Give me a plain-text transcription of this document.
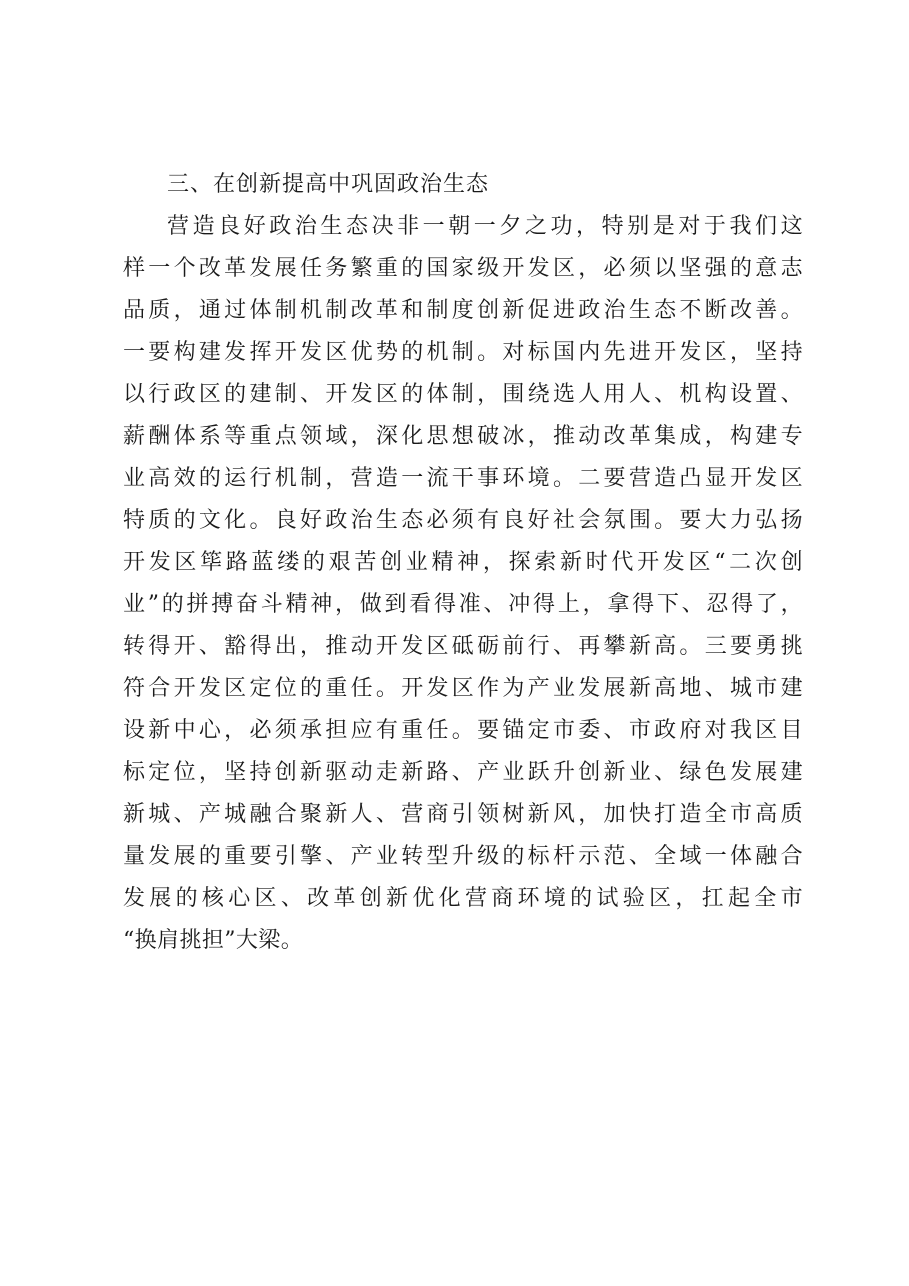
三、在创新提高中巩固政治生态
营造良好政治生态决非一朝一夕之功，特别是对于我们这
样一个改革发展任务繁重的国家级开发区，必须以坚强的意志
品质，通过体制机制改革和制度创新促进政治生态不断改善。
一要构建发挥开发区优势的机制。对标国内先进开发区，坚持
以行政区的建制、开发区的体制，围绕选人用人、机构设置、
薪酬体系等重点领域，深化思想破冰，推动改革集成，构建专
业高效的运行机制，营造一流干事环境。二要营造凸显开发区
特质的文化。良好政治生态必须有良好社会氛围。要大力弘扬
开发区筚路蓝缕的艰苦创业精神，探索新时代开发区“二次创
业”的拼搏奋斗精神，做到看得准、冲得上，拿得下、忍得了，
转得开、豁得出，推动开发区砥砺前行、再攀新高。三要勇挑
符合开发区定位的重任。开发区作为产业发展新高地、城市建
设新中心，必须承担应有重任。要锚定市委、市政府对我区目
标定位，坚持创新驱动走新路、产业跃升创新业、绿色发展建
新城、产城融合聚新人、营商引领树新风，加快打造全市高质
量发展的重要引擎、产业转型升级的标杆示范、全域一体融合
发展的核心区、改革创新优化营商环境的试验区，扛起全市
“换肩挑担”大梁。
